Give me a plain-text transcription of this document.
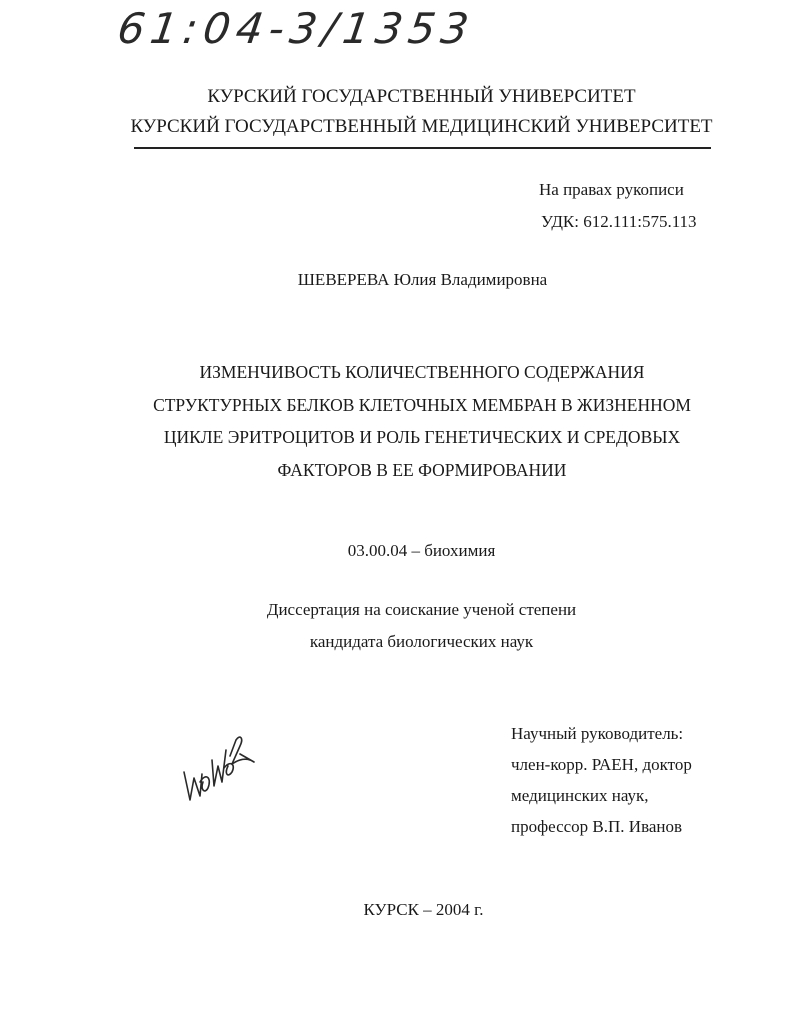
61:04-3/1353
КУРСКИЙ ГОСУДАРСТВЕННЫЙ УНИВЕРСИТЕТ
КУРСКИЙ ГОСУДАРСТВЕННЫЙ МЕДИЦИНСКИЙ УНИВЕРСИТЕТ
На правах рукописи
УДК: 612.111:575.113
ШЕВЕРЕВА Юлия Владимировна
ИЗМЕНЧИВОСТЬ КОЛИЧЕСТВЕННОГО СОДЕРЖАНИЯ
СТРУКТУРНЫХ БЕЛКОВ КЛЕТОЧНЫХ МЕМБРАН В ЖИЗНЕННОМ
ЦИКЛЕ ЭРИТРОЦИТОВ И РОЛЬ ГЕНЕТИЧЕСКИХ И СРЕДОВЫХ
ФАКТОРОВ В ЕЕ ФОРМИРОВАНИИ
03.00.04 – биохимия
Диссертация на соискание ученой степени
кандидата биологических наук
Научный руководитель:
член-корр. РАЕН, доктор
медицинских наук,
профессор В.П. Иванов
КУРСК – 2004 г.
